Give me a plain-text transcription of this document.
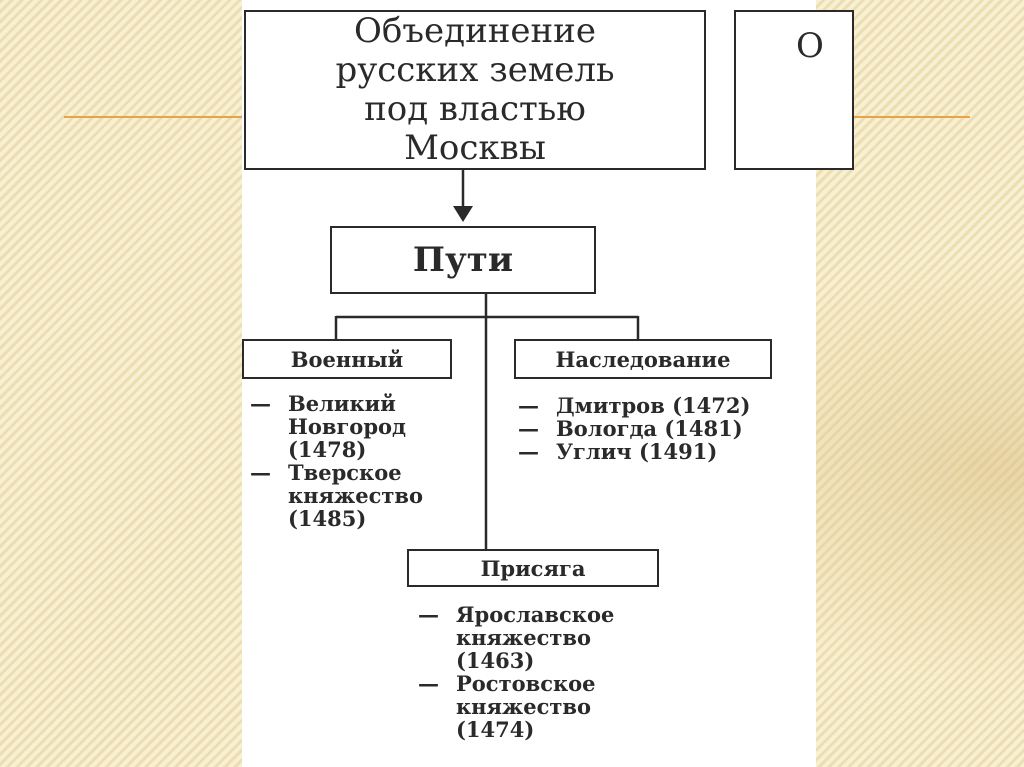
Объединение
русских земель
под властью
Москвы
О
Пути
Военный	Наследование
Присяга
— Великий
Новгород
(1478)
— Тверское
княжество
(1485)
— Дмитров (1472)
— Вологда (1481)
— Углич (1491)
— Ярославское
княжество
(1463)
— Ростовское
княжество
(1474)
